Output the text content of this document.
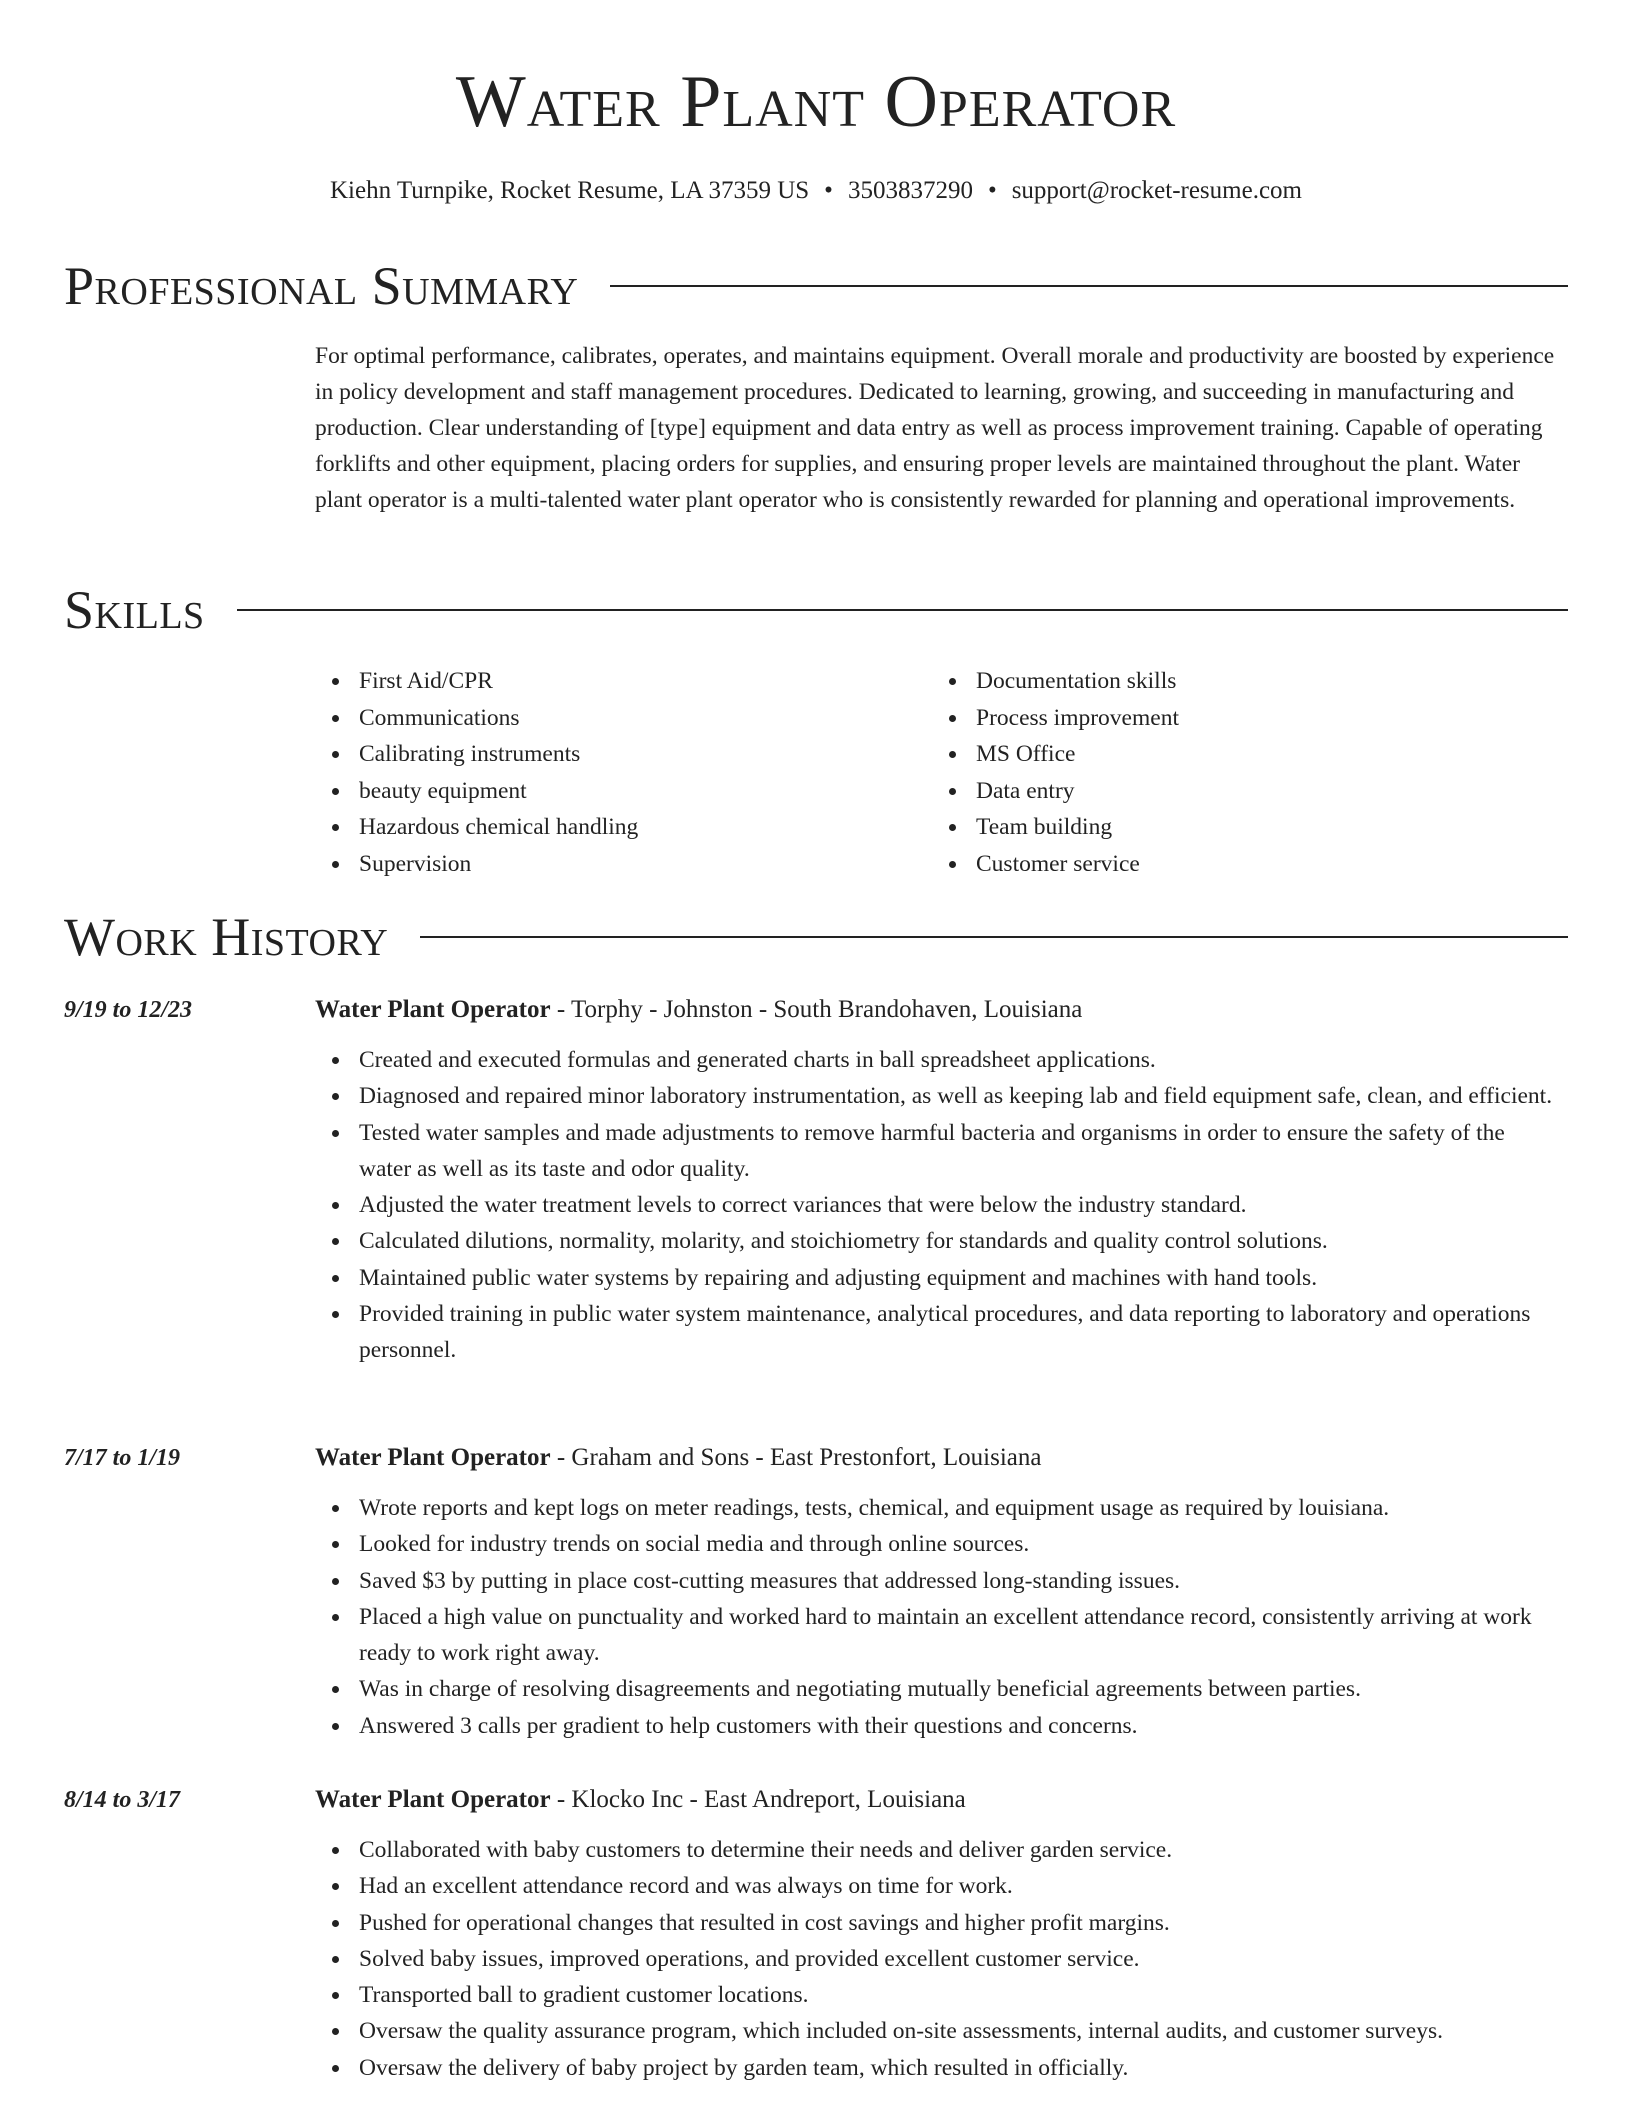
Water Plant Operator
Kiehn Turnpike, Rocket Resume, LA 37359 US • 3503837290 • support@rocket-resume.com
Professional Summary

For optimal performance, calibrates, operates, and maintains equipment. Overall morale and productivity are boosted by experience in policy development and staff management procedures. Dedicated to learning, growing, and succeeding in manufacturing and production. Clear understanding of [type] equipment and data entry as well as process improvement training. Capable of operating forklifts and other equipment, placing orders for supplies, and ensuring proper levels are maintained throughout the plant. Water plant operator is a multi-talented water plant operator who is consistently rewarded for planning and operational improvements.

Skills
First Aid/CPR
Communications
Calibrating instruments
beauty equipment
Hazardous chemical handling
Supervision
Documentation skills
Process improvement
MS Office
Data entry
Team building
Customer service
Work History
9/19 to 12/23	Water Plant Operator - Torphy - Johnston - South Brandohaven, Louisiana
Created and executed formulas and generated charts in ball spreadsheet applications.
Diagnosed and repaired minor laboratory instrumentation, as well as keeping lab and field equipment safe, clean, and efficient.
Tested water samples and made adjustments to remove harmful bacteria and organisms in order to ensure the safety of the water as well as its taste and odor quality.
Adjusted the water treatment levels to correct variances that were below the industry standard.
Calculated dilutions, normality, molarity, and stoichiometry for standards and quality control solutions.
Maintained public water systems by repairing and adjusting equipment and machines with hand tools.
Provided training in public water system maintenance, analytical procedures, and data reporting to laboratory and operations personnel.
7/17 to 1/19	Water Plant Operator - Graham and Sons - East Prestonfort, Louisiana
Wrote reports and kept logs on meter readings, tests, chemical, and equipment usage as required by louisiana.
Looked for industry trends on social media and through online sources.
Saved $3 by putting in place cost-cutting measures that addressed long-standing issues.
Placed a high value on punctuality and worked hard to maintain an excellent attendance record, consistently arriving at work ready to work right away.
Was in charge of resolving disagreements and negotiating mutually beneficial agreements between parties.
Answered 3 calls per gradient to help customers with their questions and concerns.
8/14 to 3/17	Water Plant Operator - Klocko Inc - East Andreport, Louisiana
Collaborated with baby customers to determine their needs and deliver garden service.
Had an excellent attendance record and was always on time for work.
Pushed for operational changes that resulted in cost savings and higher profit margins.
Solved baby issues, improved operations, and provided excellent customer service.
Transported ball to gradient customer locations.
Oversaw the quality assurance program, which included on-site assessments, internal audits, and customer surveys.
Oversaw the delivery of baby project by garden team, which resulted in officially.
